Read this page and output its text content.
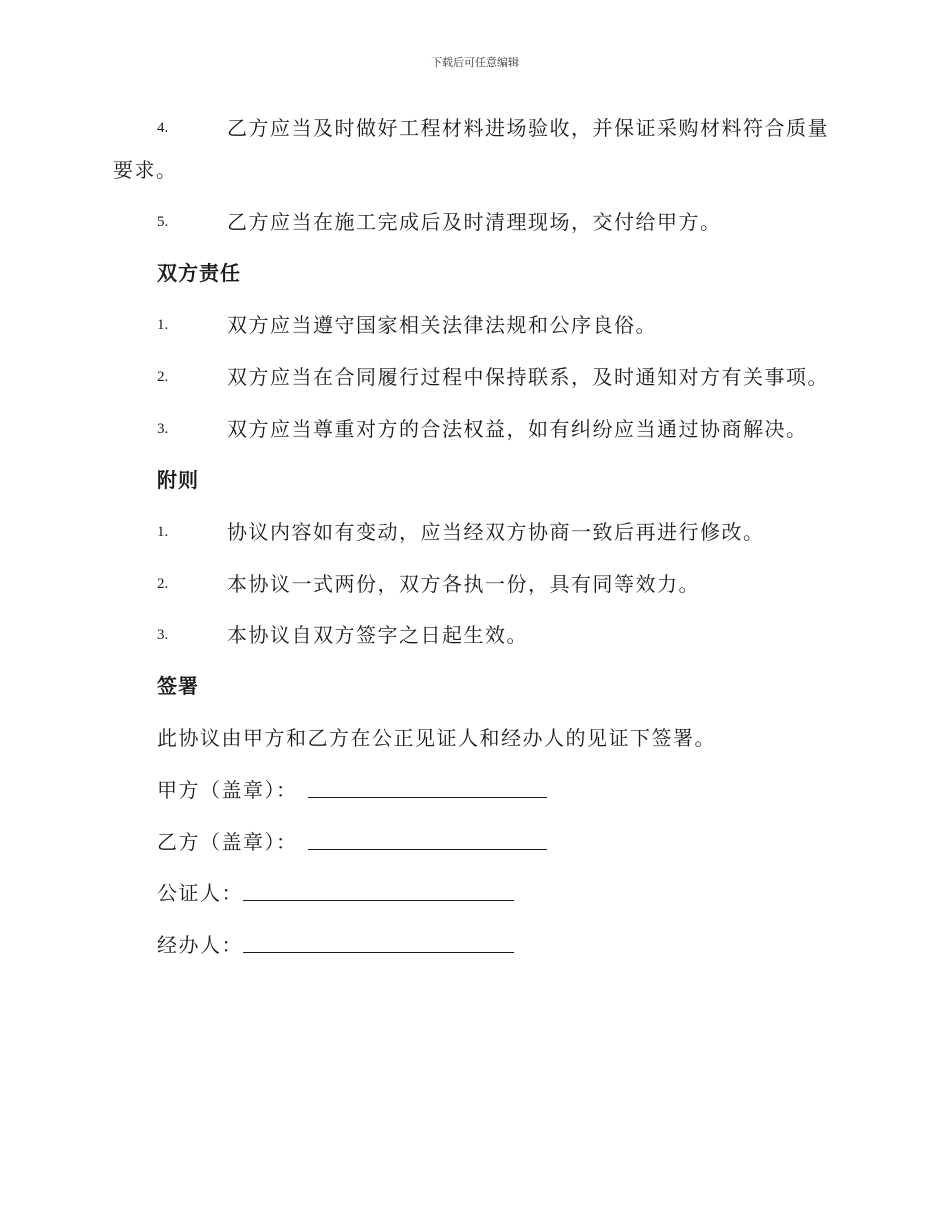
下载后可任意编辑
4.	乙方应当及时做好工程材料进场验收，并保证采购材料符合质量
要求。
5.	乙方应当在施工完成后及时清理现场，交付给甲方。
双方责任
1.	双方应当遵守国家相关法律法规和公序良俗。
2.	双方应当在合同履行过程中保持联系，及时通知对方有关事项。
3.	双方应当尊重对方的合法权益，如有纠纷应当通过协商解决。
附则
1.	协议内容如有变动，应当经双方协商一致后再进行修改。
2.	本协议一式两份，双方各执一份，具有同等效力。
3.	本协议自双方签字之日起生效。
签署
此协议由甲方和乙方在公正见证人和经办人的见证下签署。
甲方（盖章）：
乙方（盖章）：
公证人：
经办人：
